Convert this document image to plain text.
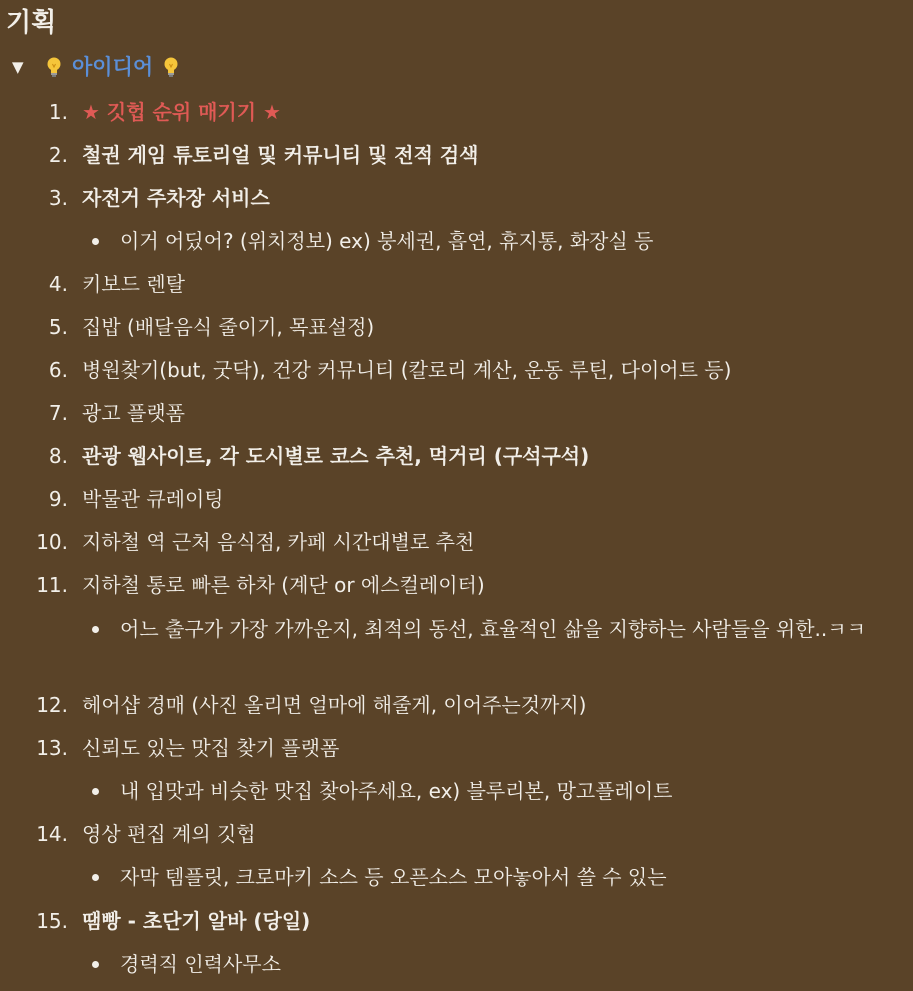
기획
▼ 아이디어
1. ★ 깃헙 순위 매기기 ★
2. 철권 게임 튜토리얼 및 커뮤니티 및 전적 검색
3. 자전거 주차장 서비스
이거 어딨어? (위치정보) ex) 붕세권, 흡연, 휴지통, 화장실 등
4. 키보드 렌탈
5. 집밥 (배달음식 줄이기, 목표설정)
6. 병원찾기(but, 굿닥), 건강 커뮤니티 (칼로리 계산, 운동 루틴, 다이어트 등)
7. 광고 플랫폼
8. 관광 웹사이트, 각 도시별로 코스 추천, 먹거리 (구석구석)
9. 박물관 큐레이팅
10. 지하철 역 근처 음식점, 카페 시간대별로 추천
11. 지하철 통로 빠른 하차 (계단 or 에스컬레이터)
어느 출구가 가장 가까운지, 최적의 동선, 효율적인 삶을 지향하는 사람들을 위한..ㅋㅋ
12. 헤어샵 경매 (사진 올리면 얼마에 해줄게, 이어주는것까지)
13. 신뢰도 있는 맛집 찾기 플랫폼
내 입맛과 비슷한 맛집 찾아주세요, ex) 블루리본, 망고플레이트
14. 영상 편집 계의 깃헙
자막 템플릿, 크로마키 소스 등 오픈소스 모아놓아서 쓸 수 있는
15. 땜빵 - 초단기 알바 (당일)
경력직 인력사무소
